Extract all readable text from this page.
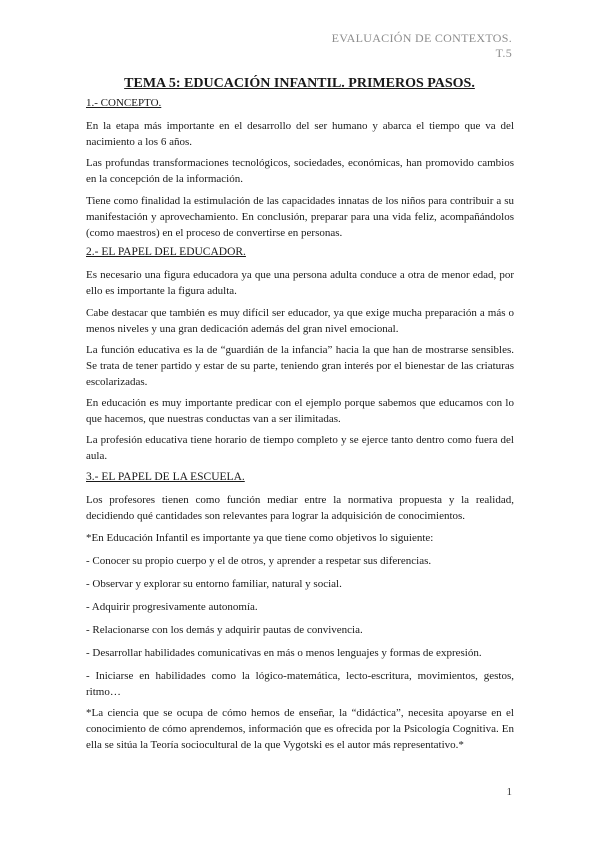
EVALUACIÓN DE CONTEXTOS.
T.5
TEMA 5: EDUCACIÓN INFANTIL. PRIMEROS PASOS.
1.- CONCEPTO.

En la etapa más importante en el desarrollo del ser humano y abarca el tiempo que va del nacimiento a los 6 años.

Las profundas transformaciones tecnológicos, sociedades, económicas, han promovido cambios en la concepción de la información.

Tiene como finalidad la estimulación de las capacidades innatas de los niños para contribuir a su manifestación y aprovechamiento. En conclusión, preparar para una vida feliz, acompañándolos (como maestros) en el proceso de convertirse en personas.

2.- EL PAPEL DEL EDUCADOR.

Es necesario una figura educadora ya que una persona adulta conduce a otra de menor edad, por ello es importante la figura adulta.

Cabe destacar que también es muy difícil ser educador, ya que exige mucha preparación a más o menos niveles y una gran dedicación además del gran nivel emocional.

La función educativa es la de “guardián de la infancia” hacia la que han de mostrarse sensibles. Se trata de tener partido y estar de su parte, teniendo gran interés por el bienestar de las criaturas escolarizadas.

En educación es muy importante predicar con el ejemplo porque sabemos que educamos con lo que hacemos, que nuestras conductas van a ser ilimitadas.

La profesión educativa tiene horario de tiempo completo y se ejerce tanto dentro como fuera del aula.

3.- EL PAPEL DE LA ESCUELA.

Los profesores tienen como función mediar entre la normativa propuesta y la realidad, decidiendo qué cantidades son relevantes para lograr la adquisición de conocimientos.

*En Educación Infantil es importante ya que tiene como objetivos lo siguiente:

- Conocer su propio cuerpo y el de otros, y aprender a respetar sus diferencias.

- Observar y explorar su entorno familiar, natural y social.

- Adquirir progresivamente autonomía.

- Relacionarse con los demás y adquirir pautas de convivencia.

- Desarrollar habilidades comunicativas en más o menos lenguajes y formas de expresión.

- Iniciarse en habilidades como la lógico-matemática, lecto-escritura, movimientos, gestos, ritmo…

*La ciencia que se ocupa de cómo hemos de enseñar, la “didáctica”, necesita apoyarse en el conocimiento de cómo aprendemos, información que es ofrecida por la Psicología Cognitiva. En ella se sitúa la Teoría sociocultural de la que Vygotski es el autor más representativo.*

1
